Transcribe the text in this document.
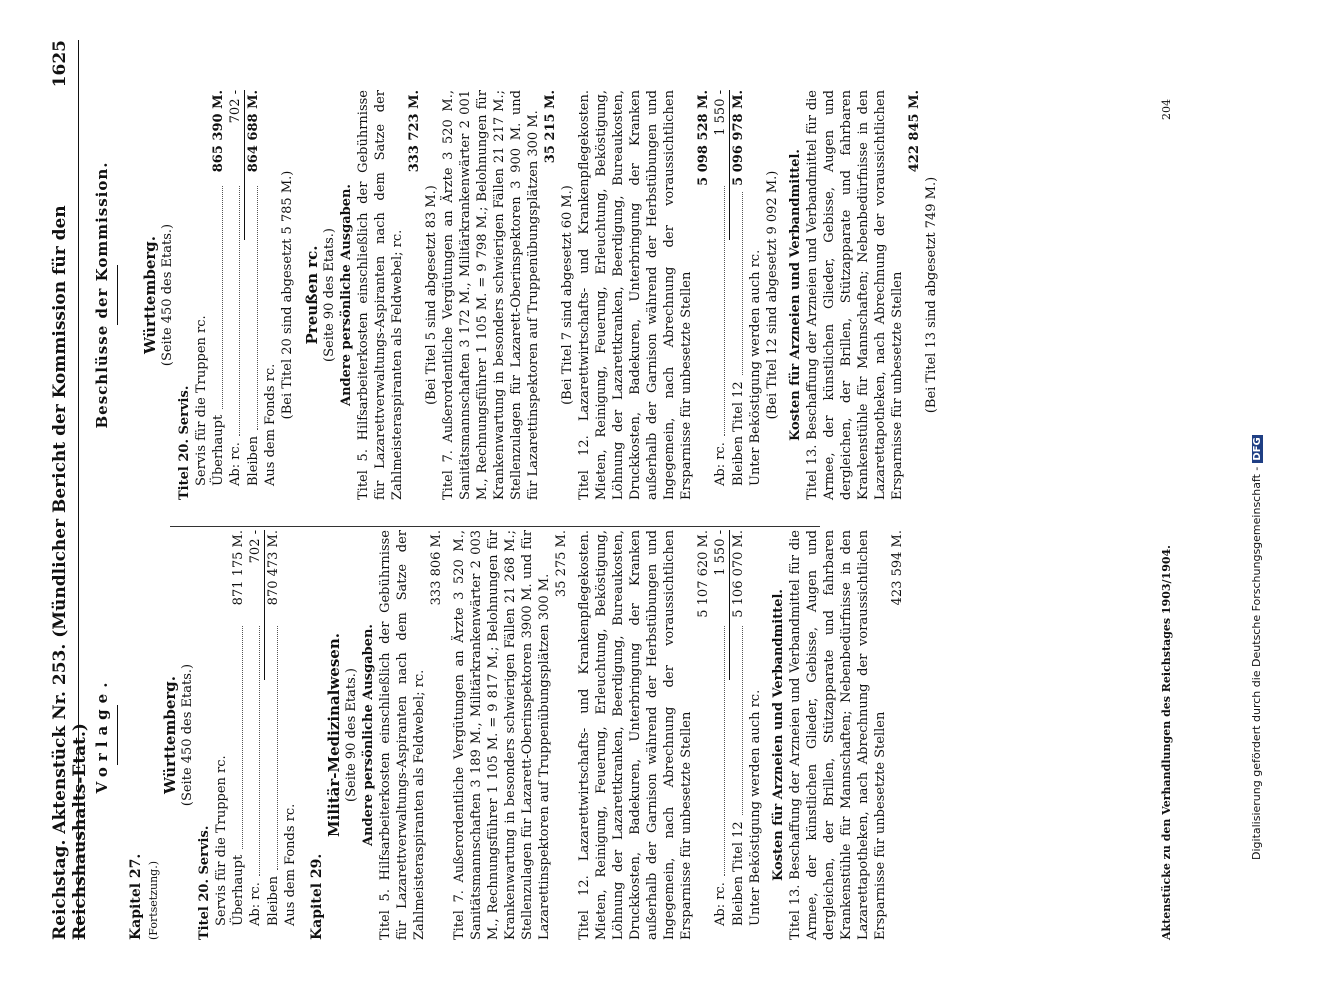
Reichstag. Aktenstück Nr. 253. (Mündlicher Bericht der Kommission für den Reichshaushalts-Etat.)
1625
Vorlage.
Kapitel 27. (Fortsetzung.)
Württemberg. (Seite 450 des Etats.)
Titel 20. Servis. Servis für die Truppen rc. Überhaupt
871 175 M.
Ab: rc.
702 -
Bleiben
870 473 M.
Aus dem Fonds rc. Kapitel 29.
Militär-Medizinalwesen. (Seite 90 des Etats.) Andere persönliche Ausgaben. Titel 5. Hilfsarbeiterkosten einschließlich der Gebührnisse für Lazarettverwaltungs-Aspiranten nach dem Satze der Zahlmeisteraspiranten als Feldwebel; rc.
333 806 M. Titel 7. Außerordentliche Vergütungen an Ärzte 3 520 M., Sanitätsmannschaften 3 189 M., Militärkrankenwärter 2 003 M., Rechnungsführer 1 105 M. = 9 817 M.; Belohnungen für Krankenwartung in besonders schwierigen Fällen 21 268 M.; Stellenzulagen für Lazarett-Oberinspektoren 3900 M. und für Lazarettinspektoren auf Truppenübungsplätzen 300 M.
35 275 M. Titel 12. Lazarettwirtschafts- und Krankenpflegekosten. Mieten, Reinigung, Feuerung, Erleuchtung, Beköstigung, Löhnung der Lazarettkranken, Beerdigung, Bureaukosten, Druckkosten, Badekuren, Unterbringung der Kranken außerhalb der Garnison während der Herbstübungen und Ingegemein, nach Abrechnung der voraussichtlichen Ersparnisse für unbesetzte Stellen
5 107 620 M.
Ab: rc.
1 550 -
Bleiben Titel 12
5 106 070 M.
Unter Beköstigung werden auch rc. Kosten für Arzneien und Verbandmittel. Titel 13. Beschaffung der Arzneien und Verbandmittel für die Armee, der künstlichen Glieder, Gebisse, Augen und dergleichen, der Brillen, Stützapparate und fahrbaren Krankenstühle für Mannschaften; Nebenbedürfnisse in den Lazarettapotheken, nach Abrechnung der voraussichtlichen Ersparnisse für unbesetzte Stellen
423 594 M.
Beschlüsse der Kommission. Württemberg. (Seite 450 des Etats.)
Titel 20. Servis. Servis für die Truppen rc. Überhaupt
865 390 M.
Ab: rc.
702 -
Bleiben
864 688 M.
Aus dem Fonds rc.
(Bei Titel 20 sind abgesetzt 5 785 M.) Preußen rc. (Seite 90 des Etats.) Andere persönliche Ausgaben. Titel 5. Hilfsarbeiterkosten einschließlich der Gebührnisse für Lazarettverwaltungs-Aspiranten nach dem Satze der Zahlmeisteraspiranten als Feldwebel; rc.
333 723 M.
(Bei Titel 5 sind abgesetzt 83 M.) Titel 7. Außerordentliche Vergütungen an Ärzte 3 520 M., Sanitätsmannschaften 3 172 M., Militärkrankenwärter 2 001 M., Rechnungsführer 1 105 M. = 9 798 M.; Belohnungen für Krankenwartung in besonders schwierigen Fällen 21 217 M.; Stellenzulagen für Lazarett-Oberinspektoren 3 900 M. und für Lazarettinspektoren auf Truppenübungsplätzen 300 M. 35 215 M.
(Bei Titel 7 sind abgesetzt 60 M.) Titel 12. Lazarettwirtschafts- und Krankenpflegekosten. Mieten, Reinigung, Feuerung, Erleuchtung, Beköstigung, Löhnung der Lazarettkranken, Beerdigung, Bureaukosten, Druckkosten, Badekuren, Unterbringung der Kranken außerhalb der Garnison während der Herbstübungen und Ingegemein, nach Abrechnung der voraussichtlichen Ersparnisse für unbesetzte Stellen
5 098 528 M.
Ab: rc.
1 550 -
Bleiben Titel 12
5 096 978 M.
Unter Beköstigung werden auch rc. (Bei Titel 12 sind abgesetzt 9 092 M.) Kosten für Arzneien und Verbandmittel. Titel 13. Beschaffung der Arzneien und Verbandmittel für die Armee, der künstlichen Glieder, Gebisse, Augen und dergleichen, der Brillen, Stützapparate und fahrbaren Krankenstühle für Mannschaften; Nebenbedürfnisse in den Lazarettapotheken, nach Abrechnung der voraussichtlichen Ersparnisse für unbesetzte Stellen
422 845 M.
(Bei Titel 13 sind abgesetzt 749 M.)
Aktenstücke zu den Verhandlungen des Reichstages 1903/1904.
204
Digitalisierung gefördert durch die Deutsche Forschungsgemeinschaft -DFG
